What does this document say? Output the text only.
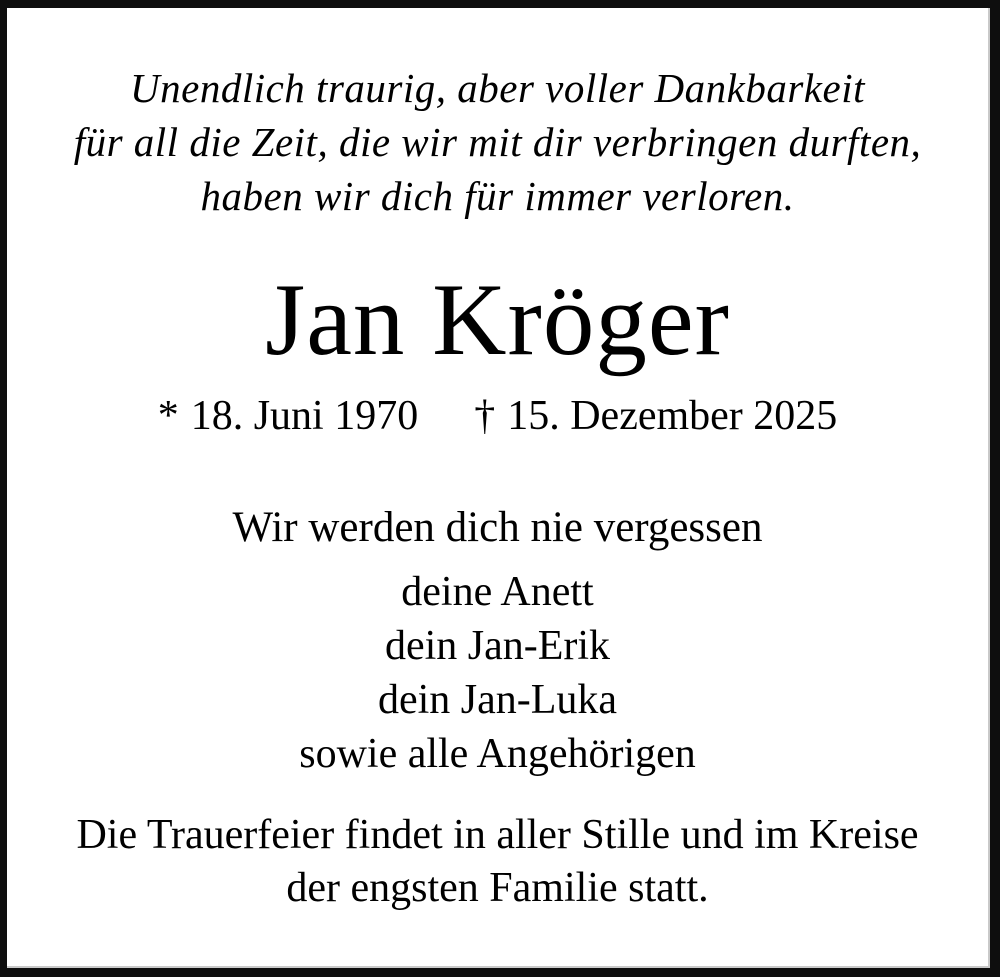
Unendlich traurig, aber voller Dankbarkeit
für all die Zeit, die wir mit dir verbringen durften,
haben wir dich für immer verloren.
Jan Kröger
* 18. Juni 1970 † 15. Dezember 2025
Wir werden dich nie vergessen
deine Anett
dein Jan-Erik
dein Jan-Luka
sowie alle Angehörigen
Die Trauerfeier findet in aller Stille und im Kreise
der engsten Familie statt.
